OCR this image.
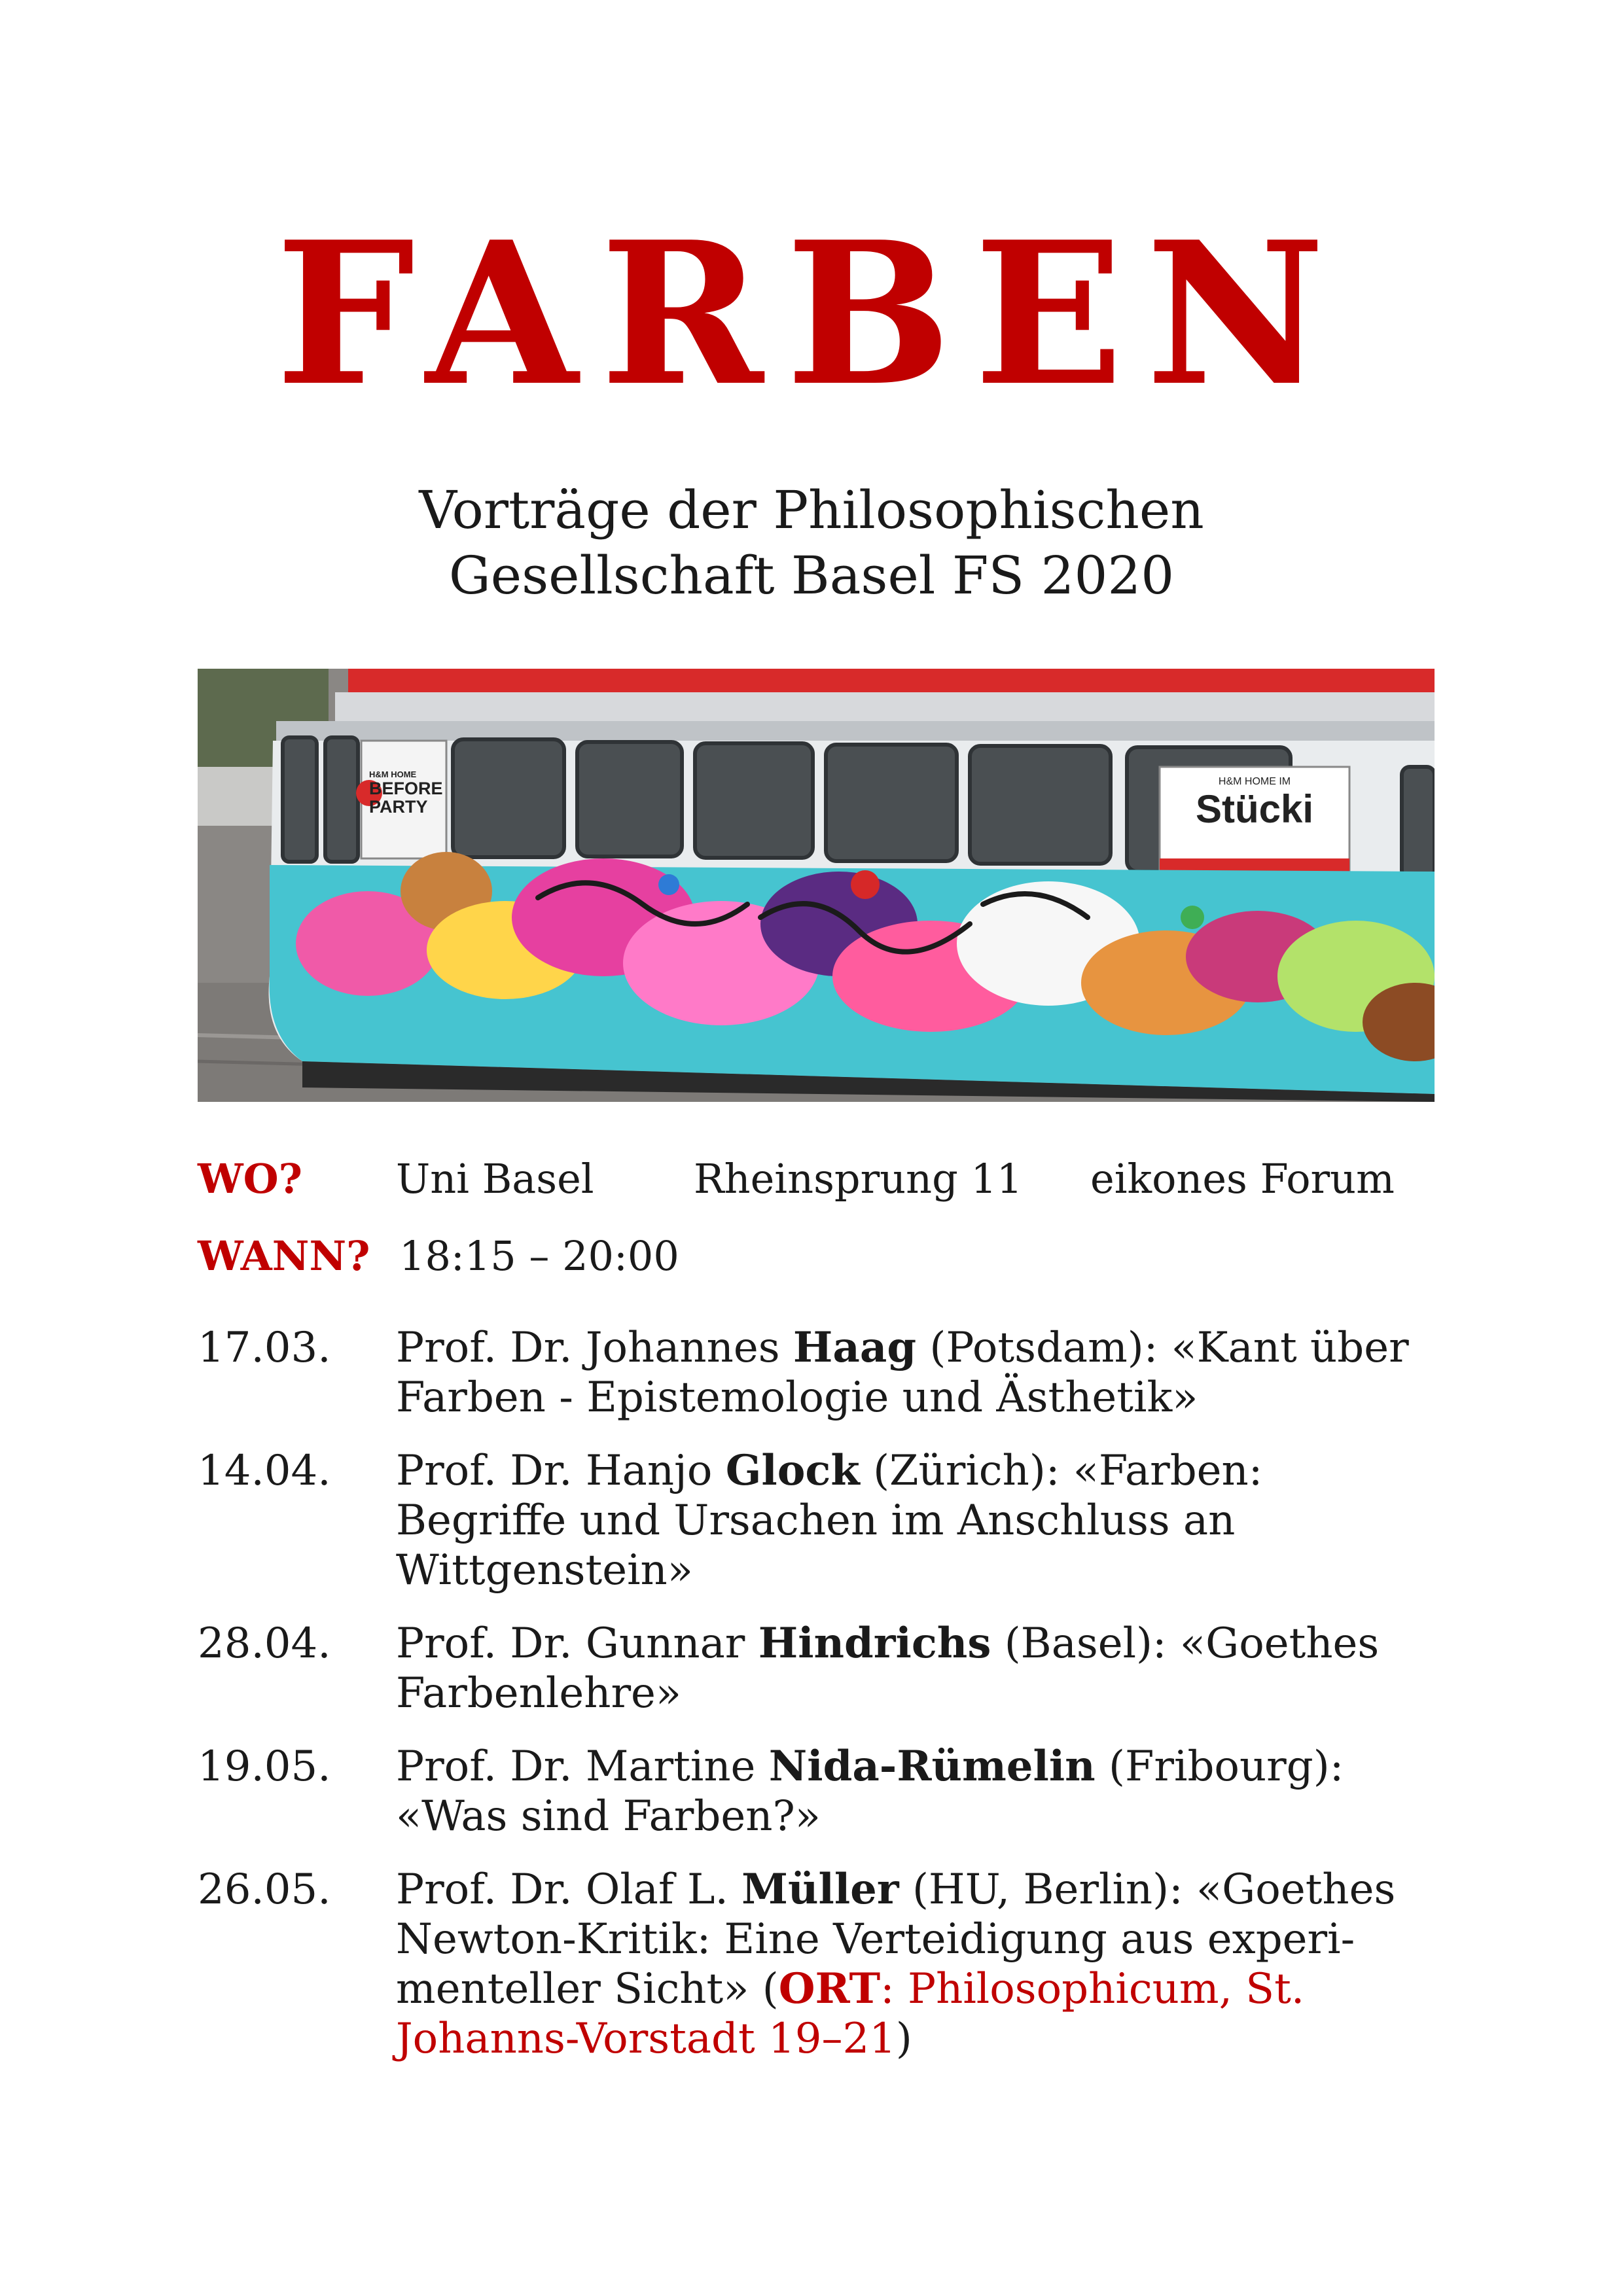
FARBEN
Vorträge der Philosophischen
Gesellschaft Basel FS 2020
H&M HOME
BEFORE
PARTY
H&M HOME IM
Stücki
H&M
WO? Uni Basel Rheinsprung 11 eikones Forum
WANN? 18:15 – 20:00
17.03. Prof. Dr. Johannes Haag (Potsdam): «Kant über Farben - Epistemologie und Ästhetik»
14.04. Prof. Dr. Hanjo Glock (Zürich): «Farben: Begriffe und Ursachen im Anschluss an Wittgenstein»
28.04. Prof. Dr. Gunnar Hindrichs (Basel): «Goethes Farbenlehre»
19.05. Prof. Dr. Martine Nida-Rümelin (Fribourg): «Was sind Farben?»
26.05. Prof. Dr. Olaf L. Müller (HU, Berlin): «Goethes Newton-Kritik: Eine Verteidigung aus experi-menteller Sicht» (ORT: Philosophicum, St. Johanns-Vorstadt 19–21)
